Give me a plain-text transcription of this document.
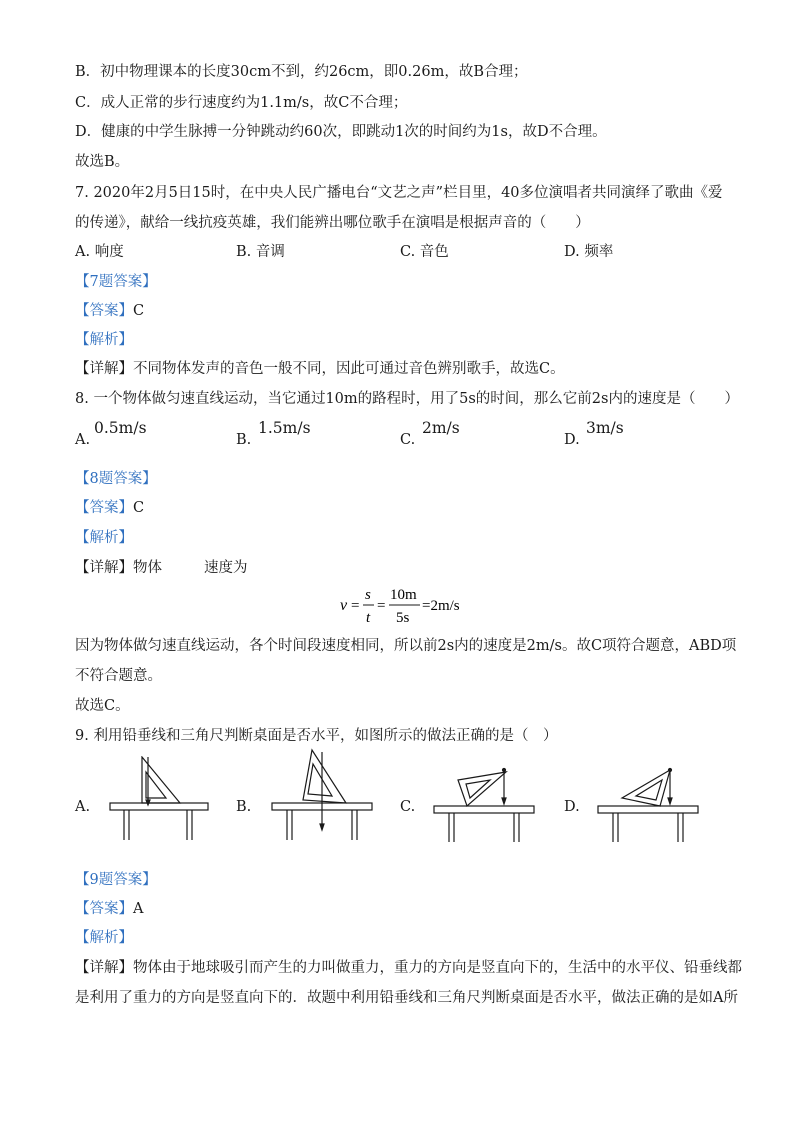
B．初中物理课本的长度30cm不到，约26cm，即0.26m，故B合理；
C．成人正常的步行速度约为1.1m/s，故C不合理；
D．健康的中学生脉搏一分钟跳动约60次，即跳动1次的时间约为1s，故D不合理。
故选B。
7. 2020年2月5日15时，在中央人民广播电台“文艺之声”栏目里，40多位演唱者共同演绎了歌曲《爱
的传递》，献给一线抗疫英雄，我们能辨出哪位歌手在演唱是根据声音的（　　）
A. 响度	B. 音调	C. 音色	D. 频率
【7题答案】
【答案】C
【解析】
【详解】不同物体发声的音色一般不同，因此可通过音色辨别歌手，故选C。
8. 一个物体做匀速直线运动，当它通过10m的路程时，用了5s的时间，那么它前2s内的速度是（　　）
A.
0.5m/s
B.
1.5m/s
C.
2m/s
D.
3m/s
【8题答案】
【答案】C
【解析】
【详解】物体	速度为
v =
s
t
=
10m
5s
=2m/s
因为物体做匀速直线运动，各个时间段速度相同，所以前2s内的速度是2m/s。故C项符合题意，ABD项
不符合题意。
故选C。
9. 利用铅垂线和三角尺判断桌面是否水平，如图所示的做法正确的是（　）
A.	B.	C.	D.
【9题答案】
【答案】A
【解析】
【详解】物体由于地球吸引而产生的力叫做重力，重力的方向是竖直向下的，生活中的水平仪、铅垂线都
是利用了重力的方向是竖直向下的．故题中利用铅垂线和三角尺判断桌面是否水平，做法正确的是如A所
